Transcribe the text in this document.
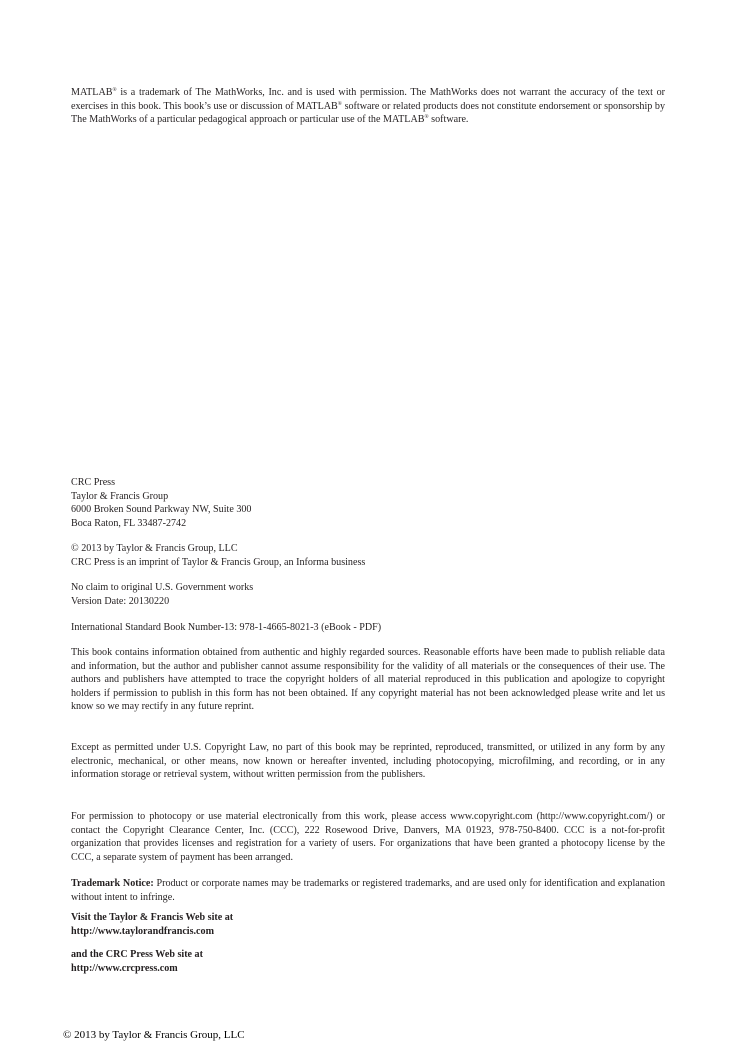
MATLAB® is a trademark of The MathWorks, Inc. and is used with permission. The MathWorks does not warrant the accuracy of the text or exercises in this book. This book’s use or discussion of MATLAB® software or related products does not constitute endorsement or sponsorship by The MathWorks of a particular pedagogical approach or particular use of the MATLAB® software.
CRC Press
Taylor & Francis Group
6000 Broken Sound Parkway NW, Suite 300
Boca Raton, FL 33487-2742
© 2013 by Taylor & Francis Group, LLC
CRC Press is an imprint of Taylor & Francis Group, an Informa business
No claim to original U.S. Government works
Version Date: 20130220
International Standard Book Number-13: 978-1-4665-8021-3 (eBook - PDF)
This book contains information obtained from authentic and highly regarded sources. Reasonable efforts have been made to publish reliable data and information, but the author and publisher cannot assume responsibility for the validity of all materials or the consequences of their use. The authors and publishers have attempted to trace the copyright holders of all material reproduced in this publication and apologize to copyright holders if permission to publish in this form has not been obtained. If any copyright material has not been acknowledged please write and let us know so we may rectify in any future reprint.
Except as permitted under U.S. Copyright Law, no part of this book may be reprinted, reproduced, transmitted, or utilized in any form by any electronic, mechanical, or other means, now known or hereafter invented, including photocopying, microfilming, and recording, or in any information storage or retrieval system, without written permission from the publishers.
For permission to photocopy or use material electronically from this work, please access www.copyright.com (http://www.copyright.com/) or contact the Copyright Clearance Center, Inc. (CCC), 222 Rosewood Drive, Danvers, MA 01923, 978-750-8400. CCC is a not-for-profit organization that provides licenses and registration for a variety of users. For organizations that have been granted a photocopy license by the CCC, a separate system of payment has been arranged.
Trademark Notice: Product or corporate names may be trademarks or registered trademarks, and are used only for identification and explanation without intent to infringe.
Visit the Taylor & Francis Web site at
http://www.taylorandfrancis.com
and the CRC Press Web site at
http://www.crcpress.com
© 2013 by Taylor & Francis Group, LLC
